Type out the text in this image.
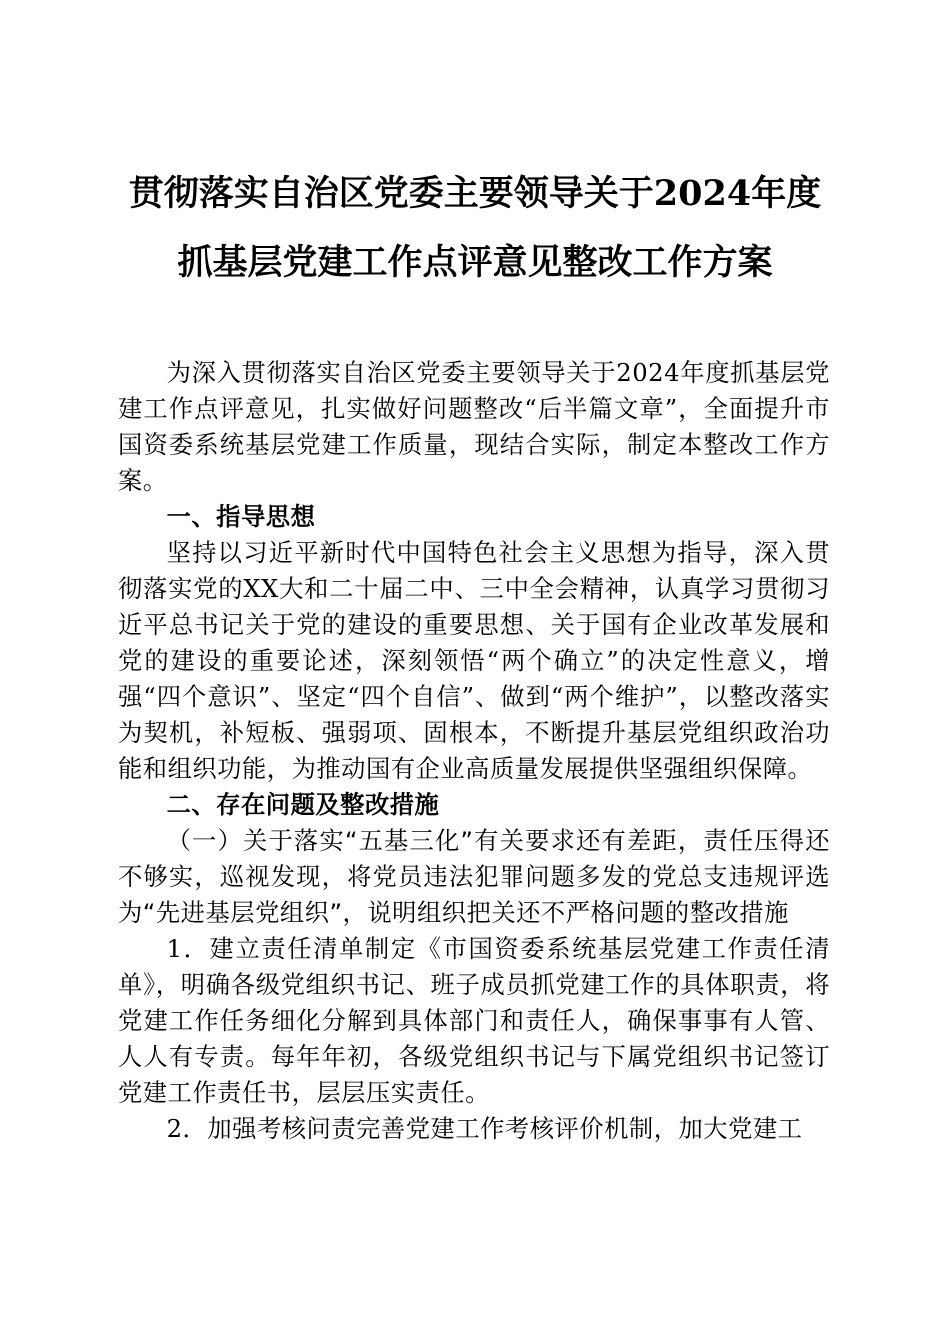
贯彻落实自治区党委主要领导关于2024年度
抓基层党建工作点评意见整改工作方案

为深入贯彻落实自治区党委主要领导关于2024年度抓基层党建工作点评意见，扎实做好问题整改“后半篇文章”，全面提升市国资委系统基层党建工作质量，现结合实际，制定本整改工作方案。

一、指导思想

坚持以习近平新时代中国特色社会主义思想为指导，深入贯彻落实党的XX大和二十届二中、三中全会精神，认真学习贯彻习近平总书记关于党的建设的重要思想、关于国有企业改革发展和党的建设的重要论述，深刻领悟“两个确立”的决定性意义，增强“四个意识”、坚定“四个自信”、做到“两个维护”，以整改落实为契机，补短板、强弱项、固根本，不断提升基层党组织政治功能和组织功能，为推动国有企业高质量发展提供坚强组织保障。

二、存在问题及整改措施

（一）关于落实“五基三化”有关要求还有差距，责任压得还不够实，巡视发现，将党员违法犯罪问题多发的党总支违规评选为“先进基层党组织”，说明组织把关还不严格问题的整改措施

1．建立责任清单制定《市国资委系统基层党建工作责任清单》，明确各级党组织书记、班子成员抓党建工作的具体职责，将党建工作任务细化分解到具体部门和责任人，确保事事有人管、人人有专责。每年年初，各级党组织书记与下属党组织书记签订党建工作责任书，层层压实责任。

2．加强考核问责完善党建工作考核评价机制，加大党建工
